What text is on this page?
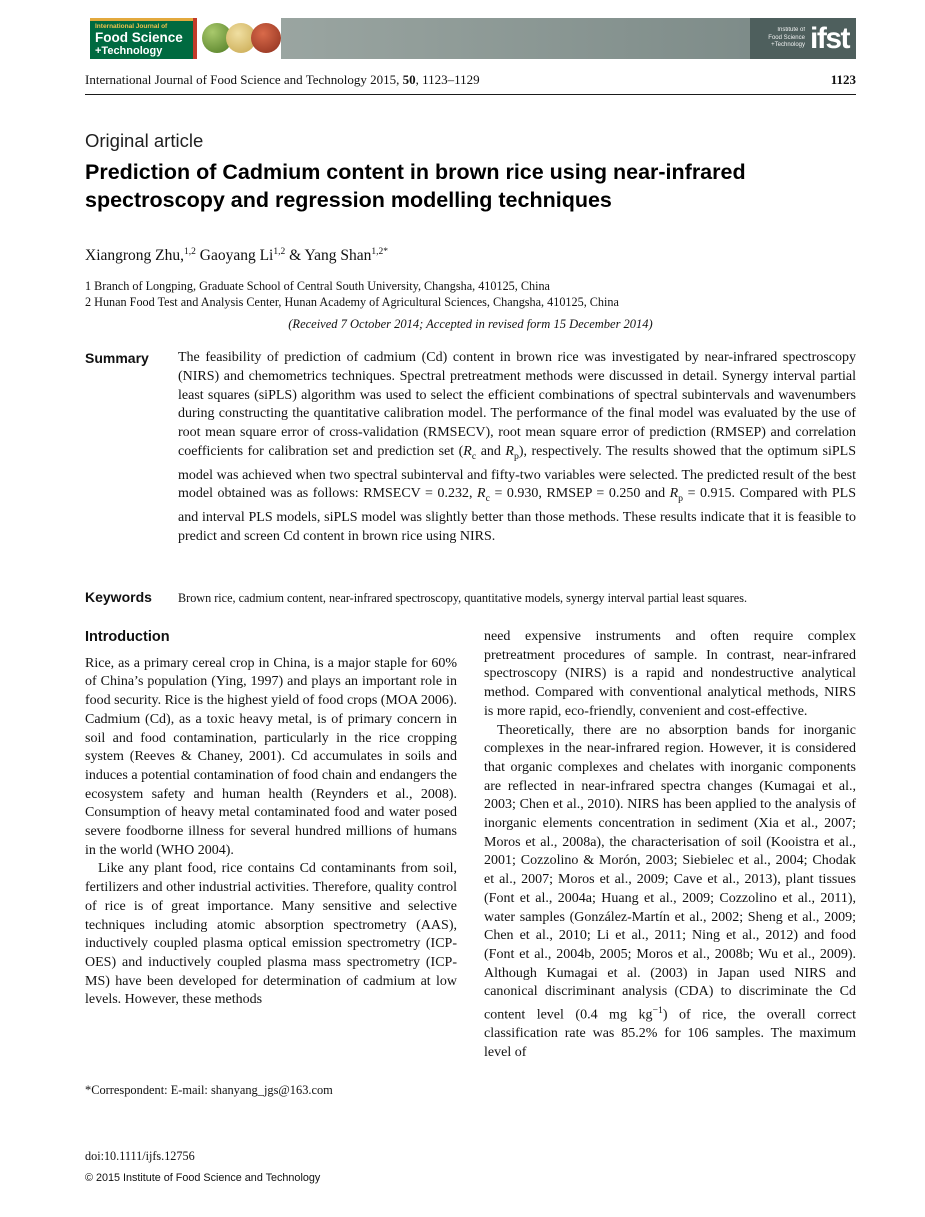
International Journal of
Food Science
+Technology
Institute of
Food Science
+Technology ifst
International Journal of Food Science and Technology 2015, 50, 1123–1129	1123
Original article
Prediction of Cadmium content in brown rice using near-infrared
spectroscopy and regression modelling techniques
Xiangrong Zhu,$^{1,2}$ Gaoyang Li$^{1,2}$ & Yang Shan$^{1,2*}$
1 Branch of Longping, Graduate School of Central South University, Changsha, 410125, China
2 Hunan Food Test and Analysis Center, Hunan Academy of Agricultural Sciences, Changsha, 410125, China
(Received 7 October 2014; Accepted in revised form 15 December 2014)
Summary	The feasibility of prediction of cadmium (Cd) content in brown rice was investigated by near-infrared spectroscopy (NIRS) and chemometrics techniques. Spectral pretreatment methods were discussed in detail. Synergy interval partial least squares (siPLS) algorithm was used to select the efficient combinations of spectral subintervals and wavenumbers during constructing the quantitative calibration model. The performance of the final model was evaluated by the use of root mean square error of cross-validation (RMSECV), root mean square error of prediction (RMSEP) and correlation coefficients for calibration set and prediction set ($R_c$ and $R_p$), respectively. The results showed that the optimum siPLS model was achieved when two spectral subinterval and fifty-two variables were selected. The predicted result of the best model obtained was as follows: RMSECV = 0.232, $R_c = 0.930$, RMSEP = 0.250 and $R_p = 0.915$. Compared with PLS and interval PLS models, siPLS model was slightly better than those methods. These results indicate that it is feasible to predict and screen Cd content in brown rice using NIRS.
Keywords	Brown rice, cadmium content, near-infrared spectroscopy, quantitative models, synergy interval partial least squares.
Introduction

Rice, as a primary cereal crop in China, is a major staple for 60% of China’s population (Ying, 1997) and plays an important role in food security. Rice is the highest yield of food crops (MOA 2006). Cadmium (Cd), as a toxic heavy metal, is of primary concern in soil and food contamination, particularly in the rice cropping system (Reeves & Chaney, 2001). Cd accumulates in soils and induces a potential contamination of food chain and endangers the ecosystem safety and human health (Reynders et al., 2008). Consumption of heavy metal contaminated food and water posed severe foodborne illness for several hundred millions of humans in the world (WHO 2004).

Like any plant food, rice contains Cd contaminants from soil, fertilizers and other industrial activities. Therefore, quality control of rice is of great importance. Many sensitive and selective techniques including atomic absorption spectrometry (AAS), inductively coupled plasma optical emission spectrometry (ICP-OES) and inductively coupled plasma mass spectrometry (ICP-MS) have been developed for determination of cadmium at low levels. However, these methods

need expensive instruments and often require complex pretreatment procedures of sample. In contrast, near-infrared spectroscopy (NIRS) is a rapid and nondestructive analytical method. Compared with conventional analytical methods, NIRS is more rapid, eco-friendly, convenient and cost-effective.

Theoretically, there are no absorption bands for inorganic complexes in the near-infrared region. However, it is considered that organic complexes and chelates with inorganic components are reflected in near-infrared spectra changes (Kumagai et al., 2003; Chen et al., 2010). NIRS has been applied to the analysis of inorganic elements concentration in sediment (Xia et al., 2007; Moros et al., 2008a), the characterisation of soil (Kooistra et al., 2001; Cozzolino & Morón, 2003; Siebielec et al., 2004; Chodak et al., 2007; Moros et al., 2009; Cave et al., 2013), plant tissues (Font et al., 2004a; Huang et al., 2009; Cozzolino et al., 2011), water samples (González-Martín et al., 2002; Sheng et al., 2009; Chen et al., 2010; Li et al., 2011; Ning et al., 2012) and food (Font et al., 2004b, 2005; Moros et al., 2008b; Wu et al., 2009). Although Kumagai et al. (2003) in Japan used NIRS and canonical discriminant analysis (CDA) to discriminate the Cd content level (0.4 mg $kg^{-1}$) of rice, the overall correct classification rate was 85.2% for 106 samples. The maximum level of

*Correspondent: E-mail: shanyang_jgs@163.com
doi:10.1111/ijfs.12756
© 2015 Institute of Food Science and Technology
